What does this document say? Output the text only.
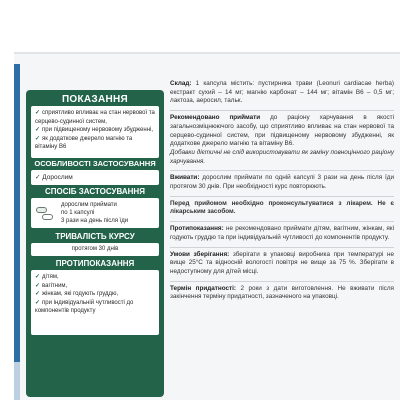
ПОКАЗАННЯ
✓ сприятливо впливає на стан нервової та серцево-судинної систем,
✓ при підвищеному нервовому збудженні,
✓ як додаткове джерело магнію та вітаміну В6
ОСОБЛИВОСТІ ЗАСТОСУВАННЯ
✓ Дорослим
СПОСІБ ЗАСТОСУВАННЯ
дорослим приймати
по 1 капсулі
3 рази на день після їди
ТРИВАЛІСТЬ КУРСУ
протягом 30 днів
ПРОТИПОКАЗАННЯ
✓ дітям,
✓ вагітним,
✓ жінкам, які годують груддю,
✓ при індивідуальній чутливості до компонентів продукту
Склад: 1 капсула містить: пустирника трави (Leonuri cardiacae herba) екстракт сухий – 14 мг; магнію карбонат – 144 мг; вітамін В6 – 0,5 мг; лактоза, аеросил, тальк.
Рекомендовано приймати до раціону харчування в якості загальнозміцнюючого засобу, що сприятливо впливає на стан нервової та серцево-судинної систем, при підвищеному нервовому збудженні, як додаткове джерело магнію та вітаміну В6.
Добавки дієтичні не слід використовувати як заміну повноцінного раціону харчування.
Вживати: дорослим приймати по одній капсулі 3 рази на день після їди протягом 30 днів. При необхідності курс повторюють.
Перед прийомом необхідно проконсультуватися з лікарем. Не є лікарським засобом.
Протипоказання: не рекомендовано приймати дітям, вагітним, жінкам, які годують груддю та при індивідуальній чутливості до компонентів продукту.
Умови зберігання: зберігати в упаковці виробника при температурі не вище 25°С та відносній вологості повітря не вище за 75 %. Зберігати в недоступному для дітей місці.
Термін придатності: 2 роки з дати виготовлення. Не вживати після закінчення терміну придатності, зазначеного на упаковці.
